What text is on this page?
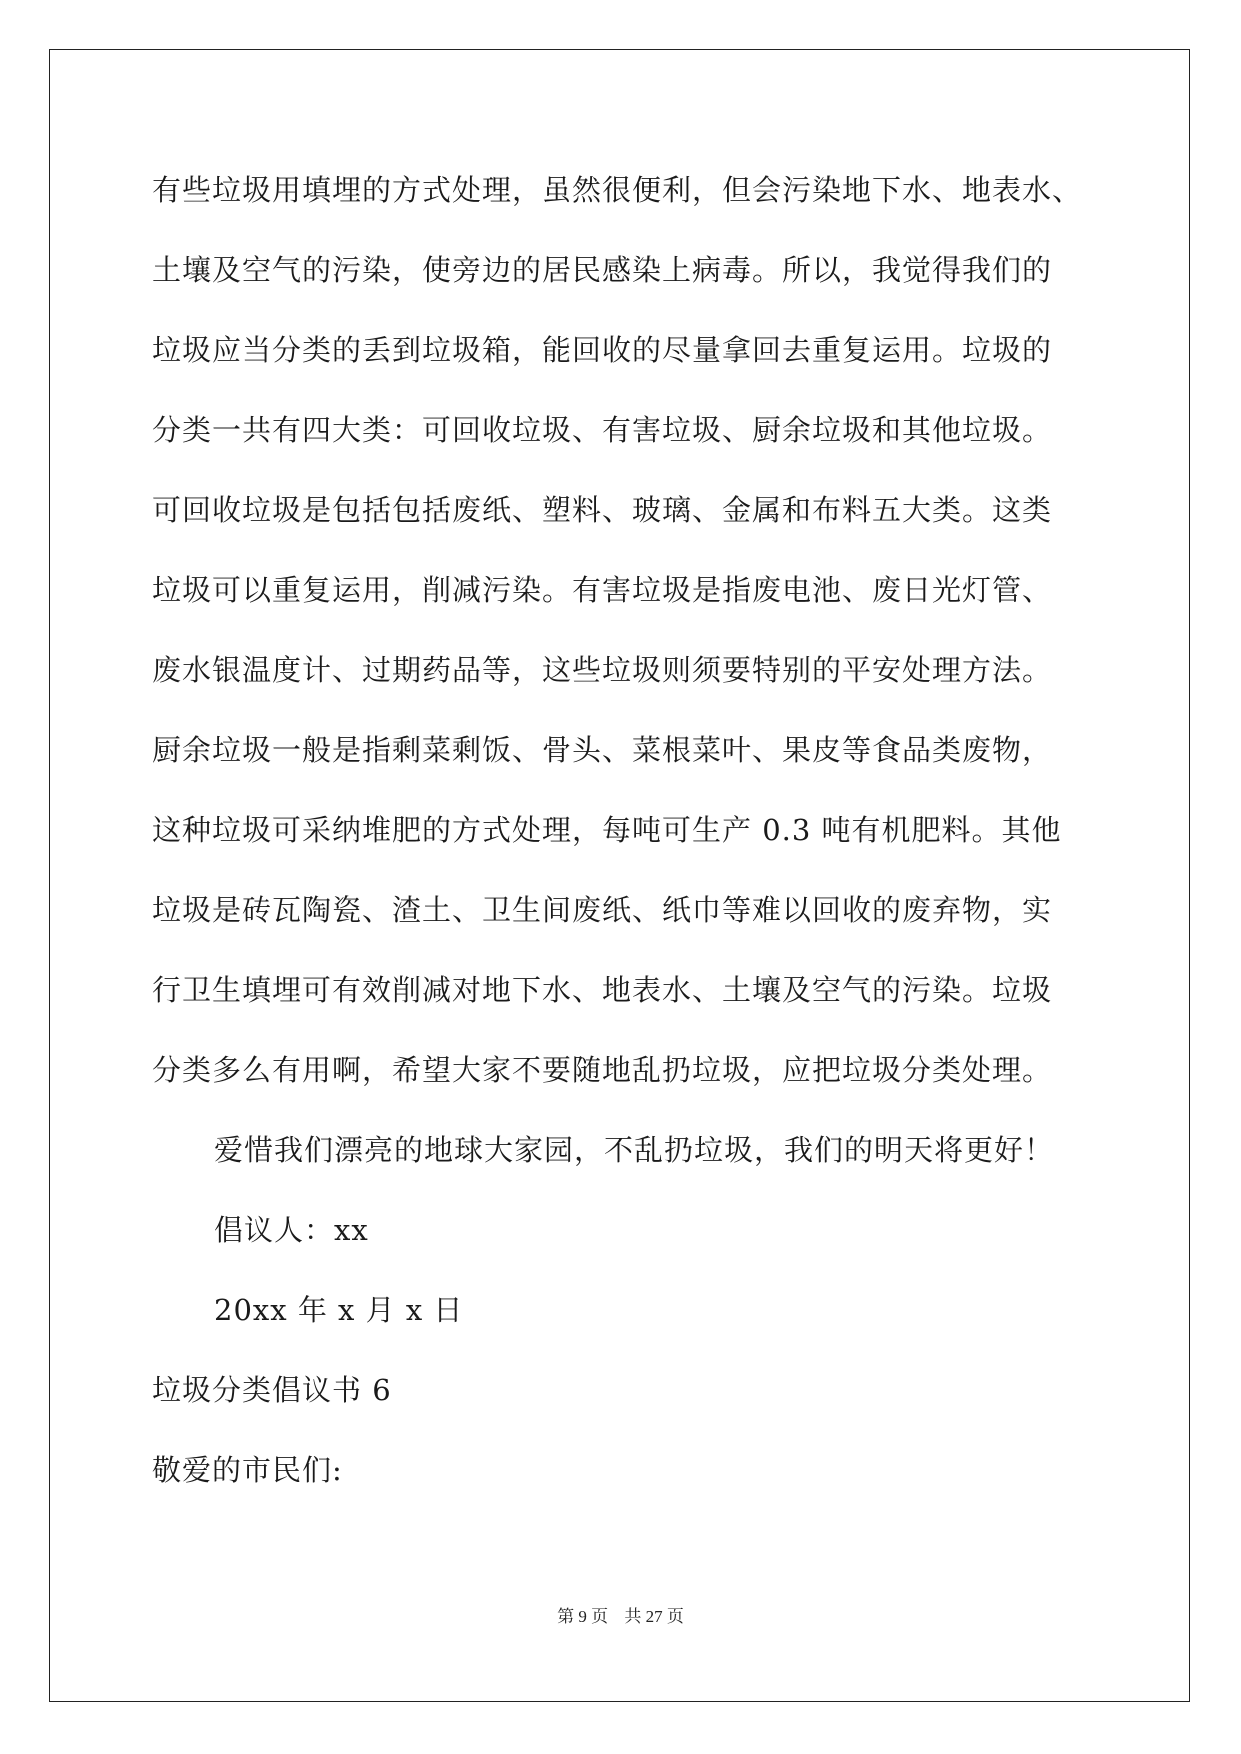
有些垃圾用填埋的方式处理，虽然很便利，但会污染地下水、地表水、
土壤及空气的污染，使旁边的居民感染上病毒。所以，我觉得我们的
垃圾应当分类的丢到垃圾箱，能回收的尽量拿回去重复运用。垃圾的
分类一共有四大类：可回收垃圾、有害垃圾、厨余垃圾和其他垃圾。
可回收垃圾是包括包括废纸、塑料、玻璃、金属和布料五大类。这类
垃圾可以重复运用，削减污染。有害垃圾是指废电池、废日光灯管、
废水银温度计、过期药品等，这些垃圾则须要特别的平安处理方法。
厨余垃圾一般是指剩菜剩饭、骨头、菜根菜叶、果皮等食品类废物，
这种垃圾可采纳堆肥的方式处理，每吨可生产 0.3 吨有机肥料。其他
垃圾是砖瓦陶瓷、渣土、卫生间废纸、纸巾等难以回收的废弃物，实
行卫生填埋可有效削减对地下水、地表水、土壤及空气的污染。垃圾
分类多么有用啊，希望大家不要随地乱扔垃圾，应把垃圾分类处理。
爱惜我们漂亮的地球大家园，不乱扔垃圾，我们的明天将更好！
倡议人：xx
20xx 年 x 月 x 日
垃圾分类倡议书 6
敬爱的市民们:
第 9 页 共 27 页
